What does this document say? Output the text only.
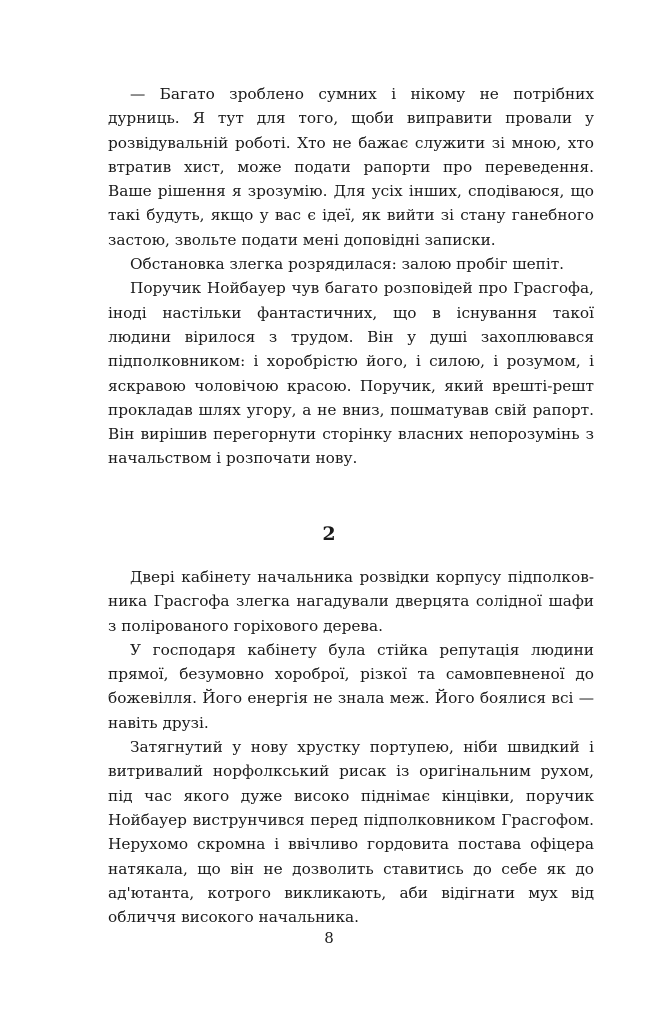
— Багато зроблено сумних і нікому не потрібних дурниць. Я тут для того, щоби виправити провали у розвідувальній роботі. Хто не бажає служити зі мною, хто втратив хист, може подати рапорти про переведення. Ваше рішення я зрозумію. Для усіх інших, сподіваюся, що такі будуть, якщо у вас є ідеї, як вийти зі стану ганебного застою, звольте подати мені доповідні записки.

Обстановка злегка розрядилася: залою пробіг шепіт.

Поручик Нойбауер чув багато розповідей про Грасгофа, іноді настільки фантастичних, що в існування такої людини вірилося з трудом. Він у душі захоплювався підполковником: і хоробрістю його, і силою, і розумом, і яскравою чоловічою красою. Поручик, який врешті-решт прокладав шлях угору, а не вниз, пошматував свій рапорт. Він вирішив перегорнути сторінку власних непорозумінь з начальством і розпочати нову.

2

Двері кабінету начальника розвідки корпусу підполковника Грасгофа злегка нагадували дверцята солідної шафи з полірованого горіхового дерева.

У господаря кабінету була стійка репутація людини прямої, безумовно хороброї, різкої та самовпевненої до божевілля. Його енергія не знала меж. Його боялися всі — навіть друзі.

Затягнутий у нову хрустку портупею, ніби швидкий і витривалий норфолкський рисак із оригінальним рухом, під час якого дуже високо піднімає кінцівки, поручик Нойбауер виструнчився перед підполковником Грасгофом. Нерухомо скромна і ввічливо гордовита постава офіцера натякала, що він не дозволить ставитись до себе як до ад'ютанта, котрого викликають, аби відігнати мух від обличчя високого начальника.

8
